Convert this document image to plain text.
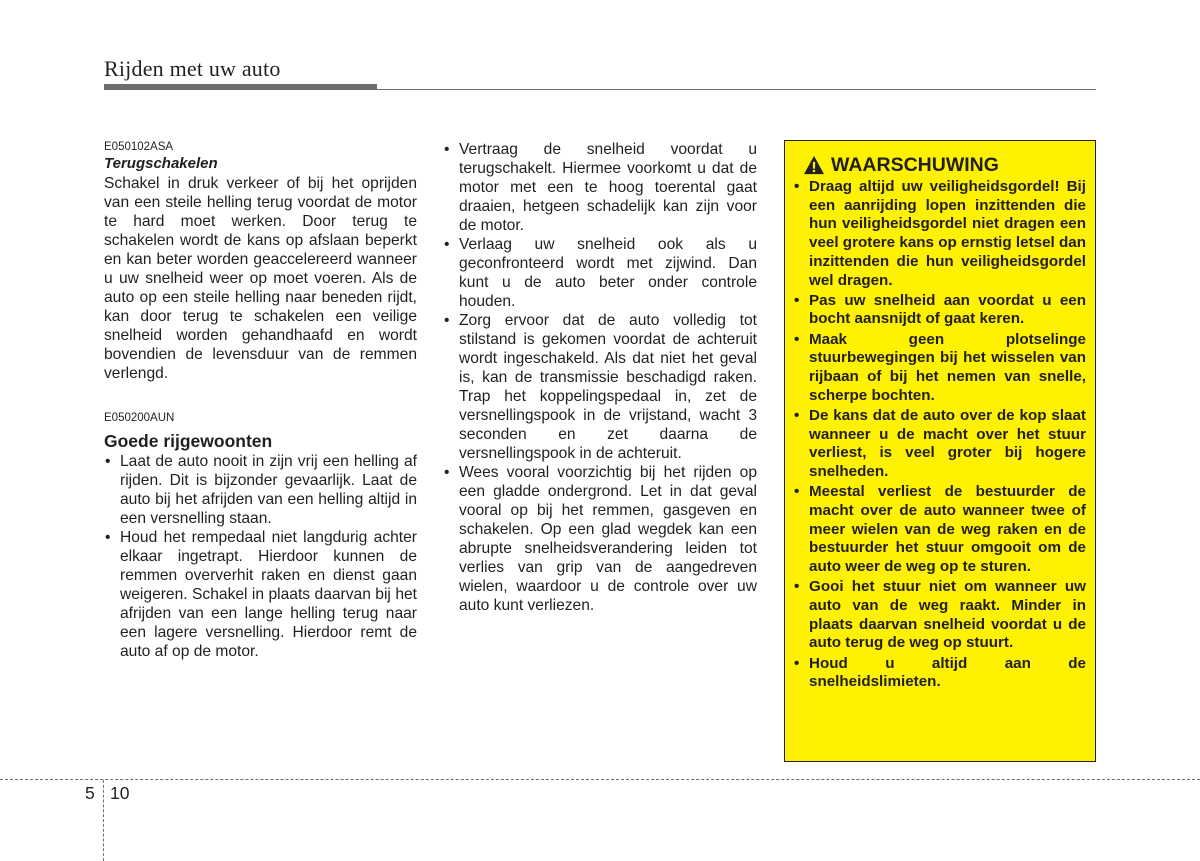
Rijden met uw auto

E050102ASA

Terugschakelen

Schakel in druk verkeer of bij het oprijden van een steile helling terug voordat de motor te hard moet werken. Door terug te schakelen wordt de kans op afslaan beperkt en kan beter worden geaccelereerd wanneer u uw snelheid weer op moet voeren. Als de auto op een steile helling naar beneden rijdt, kan door terug te schakelen een veilige snelheid worden gehandhaafd en wordt bovendien de levensduur van de remmen verlengd.

E050200AUN

Goede rijgewoonten

• Laat de auto nooit in zijn vrij een helling af rijden. Dit is bijzonder gevaarlijk. Laat de auto bij het afrijden van een helling altijd in een versnelling staan.
• Houd het rempedaal niet langdurig achter elkaar ingetrapt. Hierdoor kunnen de remmen oververhit raken en dienst gaan weigeren. Schakel in plaats daarvan bij het afrijden van een lange helling terug naar een lagere versnelling. Hierdoor remt de auto af op de motor.
• Vertraag de snelheid voordat u terugschakelt. Hiermee voorkomt u dat de motor met een te hoog toerental gaat draaien, hetgeen schadelijk kan zijn voor de motor.
• Verlaag uw snelheid ook als u geconfronteerd wordt met zijwind. Dan kunt u de auto beter onder controle houden.
• Zorg ervoor dat de auto volledig tot stilstand is gekomen voordat de achteruit wordt ingeschakeld. Als dat niet het geval is, kan de transmissie beschadigd raken. Trap het koppelingspedaal in, zet de versnellingspook in de vrijstand, wacht 3 seconden en zet daarna de versnellingspook in de achteruit.
• Wees vooral voorzichtig bij het rijden op een gladde ondergrond. Let in dat geval vooral op bij het remmen, gasgeven en schakelen. Op een glad wegdek kan een abrupte snelheidsverandering leiden tot verlies van grip van de aangedreven wielen, waardoor u de controle over uw auto kunt verliezen.
WAARSCHUWING
• Draag altijd uw veiligheidsgordel! Bij een aanrijding lopen inzittenden die hun veiligheidsgordel niet dragen een veel grotere kans op ernstig letsel dan inzittenden die hun veiligheidsgordel wel dragen.
• Pas uw snelheid aan voordat u een bocht aansnijdt of gaat keren.
• Maak geen plotselinge stuurbewegingen bij het wisselen van rijbaan of bij het nemen van snelle, scherpe bochten.
• De kans dat de auto over de kop slaat wanneer u de macht over het stuur verliest, is veel groter bij hogere snelheden.
• Meestal verliest de bestuurder de macht over de auto wanneer twee of meer wielen van de weg raken en de bestuurder het stuur omgooit om de auto weer de weg op te sturen.
• Gooi het stuur niet om wanneer uw auto van de weg raakt. Minder in plaats daarvan snelheid voordat u de auto terug de weg op stuurt.
• Houd u altijd aan de snelheidslimieten.
5 10
